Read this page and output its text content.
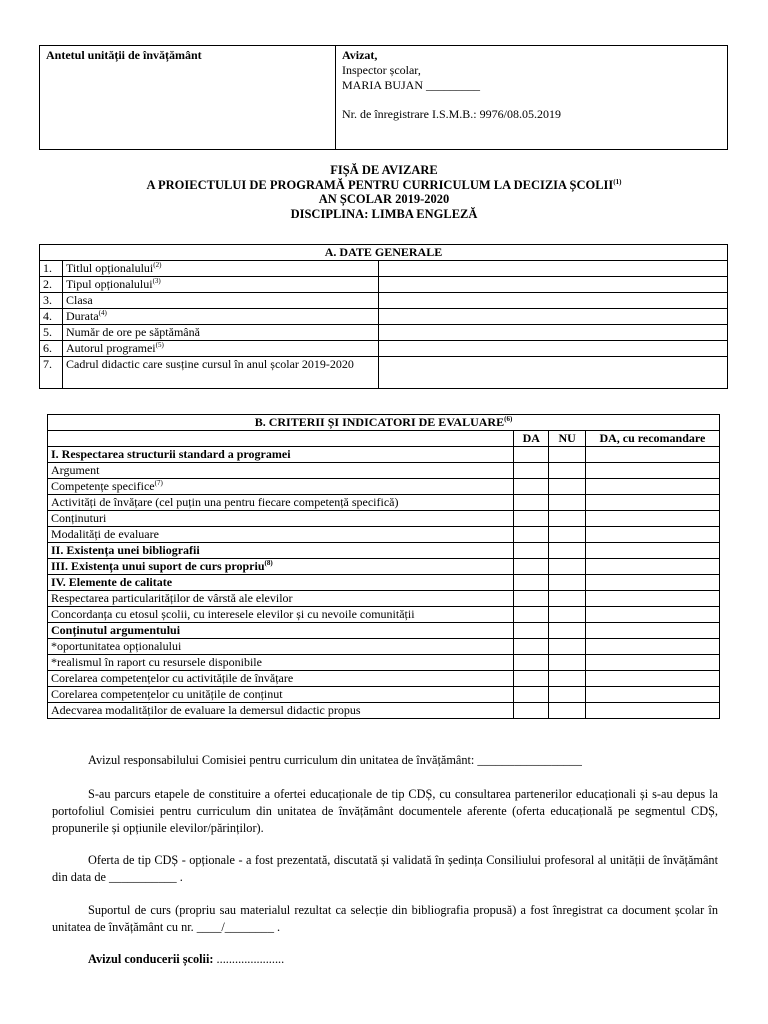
Antetul unității de învățământ	Avizat,
Inspector școlar,
MARIA BUJAN _________
Nr. de înregistrare I.S.M.B.: 9976/08.05.2019
FIȘĂ DE AVIZARE
A PROIECTULUI DE PROGRAMĂ PENTRU CURRICULUM LA DECIZIA ȘCOLII$^{(1)}$
AN ȘCOLAR 2019-2020
DISCIPLINA: LIMBA ENGLEZĂ
A. DATE GENERALE		
1.	Titlul opționalului$^{(2)}$	
2.	Tipul opționalului$^{(3)}$	
3.	Clasa	
4.	Durata$^{(4)}$	
5.	Număr de ore pe săptămână	
6.	Autorul programei$^{(5)}$	
7.	Cadrul didactic care susține cursul în anul școlar 2019-2020	
B. CRITERII ȘI INDICATORI DE EVALUARE$^{(6)}$
	DA	NU	DA, cu recomandare
I. Respectarea structurii standard a programei			
Argument			
Competențe specifice$^{(7)}$			
Activități de învățare (cel puțin una pentru fiecare competență specifică)			
Conținuturi			
Modalități de evaluare			
II. Existența unei bibliografii			
III. Existența unui suport de curs propriu$^{(8)}$			
IV. Elemente de calitate			
Respectarea particularităților de vârstă ale elevilor			
Concordanța cu etosul școlii, cu interesele elevilor și cu nevoile comunității			
Conținutul argumentului			
*oportunitatea opționalului			
*realismul în raport cu resursele disponibile			
Corelarea competențelor cu activitățile de învățare			
Corelarea competențelor cu unitățile de conținut			
Adecvarea modalităților de evaluare la demersul didactic propus			
Avizul responsabilului Comisiei pentru curriculum din unitatea de învățământ: _________________
S-au parcurs etapele de constituire a ofertei educaționale de tip CDȘ, cu consultarea partenerilor educaționali și s-au depus la portofoliul Comisiei pentru curriculum din unitatea de învățământ documentele aferente (oferta educațională pe segmentul CDȘ, propunerile și opțiunile elevilor/părinților).
Oferta de tip CDȘ - opționale - a fost prezentată, discutată și validată în ședința Consiliului profesoral al unității de învățământ din data de ___________ .
Suportul de curs (propriu sau materialul rezultat ca selecție din bibliografia propusă) a fost înregistrat ca document școlar în unitatea de învățământ cu nr. ____/________ .
Avizul conducerii școlii: ......................
